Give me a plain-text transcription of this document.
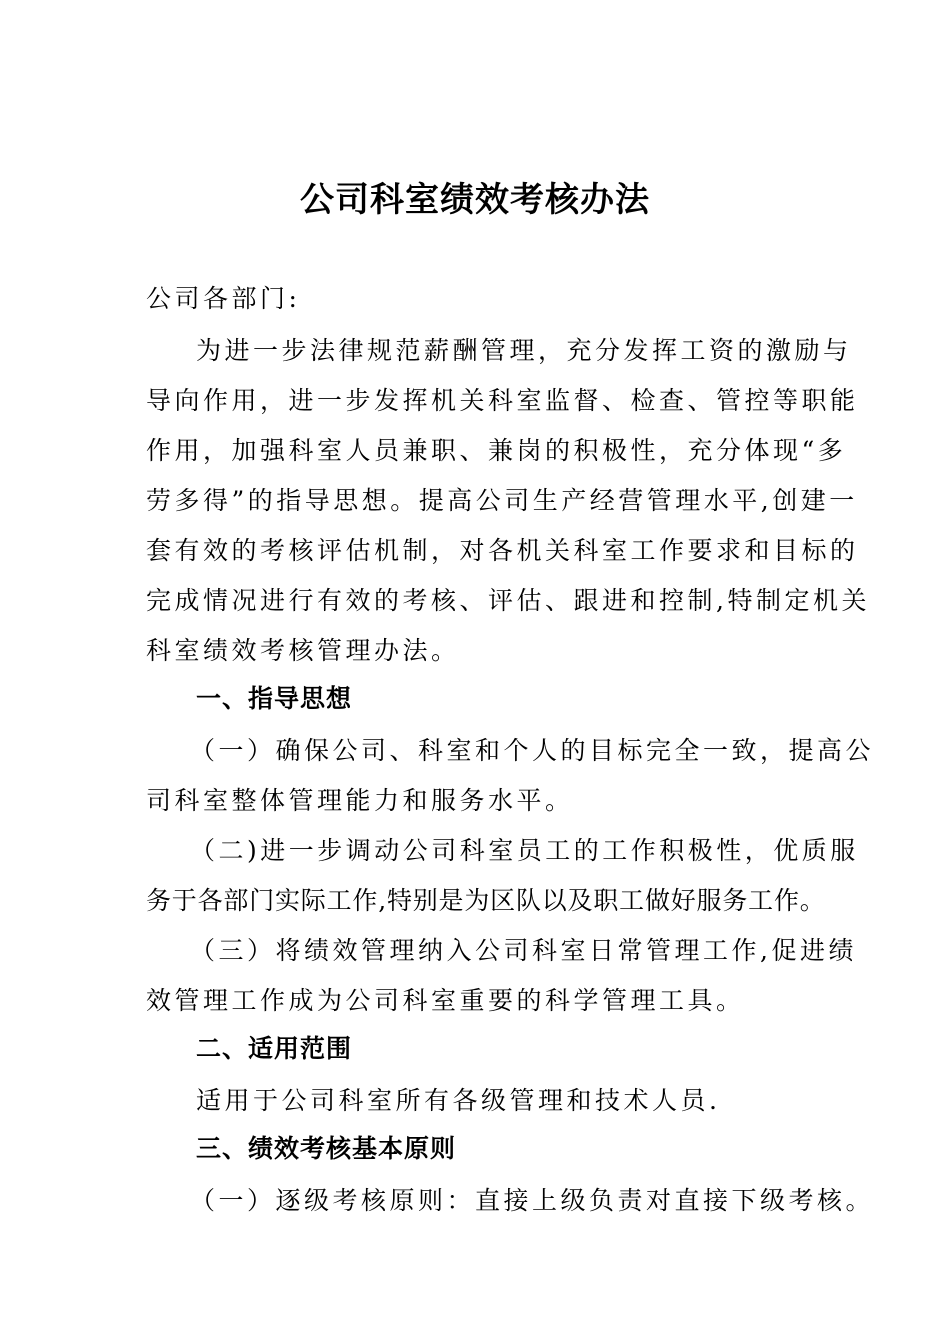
公司科室绩效考核办法
公司各部门:
为进一步法律规范薪酬管理，充分发挥工资的激励与
导向作用，进一步发挥机关科室监督、检查、管控等职能
作用，加强科室人员兼职、兼岗的积极性，充分体现“多
劳多得”的指导思想。提高公司生产经营管理水平,创建一
套有效的考核评估机制，对各机关科室工作要求和目标的
完成情况进行有效的考核、评估、跟进和控制,特制定机关
科室绩效考核管理办法。
一、指导思想
（一）确保公司、科室和个人的目标完全一致，提高公
司科室整体管理能力和服务水平。
（二)进一步调动公司科室员工的工作积极性，优质服
务于各部门实际工作,特别是为区队以及职工做好服务工作。
（三）将绩效管理纳入公司科室日常管理工作,促进绩
效管理工作成为公司科室重要的科学管理工具。
二、适用范围
适用于公司科室所有各级管理和技术人员.
三、绩效考核基本原则
（一）逐级考核原则：直接上级负责对直接下级考核。
